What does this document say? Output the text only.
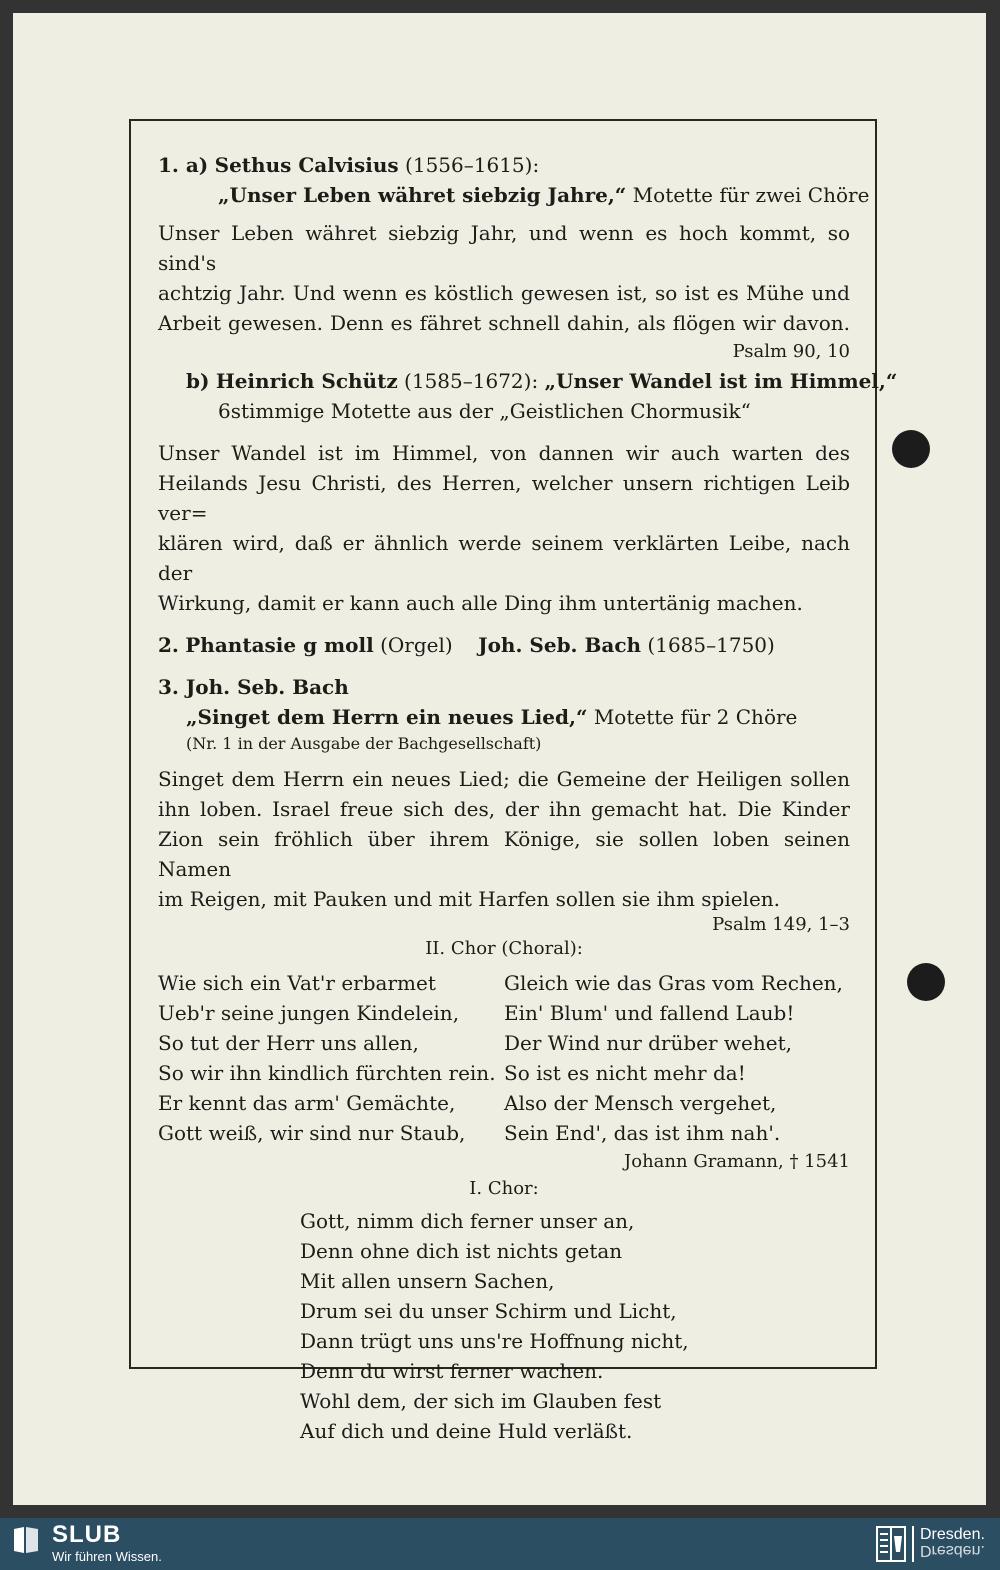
1. a) Sethus Calvisius (1556–1615):
„Unser Leben währet siebzig Jahre,“ Motette für zwei Chöre
Unser Leben währet siebzig Jahr, und wenn es hoch kommt, so sind's
achtzig Jahr. Und wenn es köstlich gewesen ist, so ist es Mühe und
Arbeit gewesen. Denn es fähret schnell dahin, als flögen wir davon.
Psalm 90, 10
b) Heinrich Schütz (1585–1672): „Unser Wandel ist im Himmel,“
6stimmige Motette aus der „Geistlichen Chormusik“
Unser Wandel ist im Himmel, von dannen wir auch warten des
Heilands Jesu Christi, des Herren, welcher unsern richtigen Leib ver=
klären wird, daß er ähnlich werde seinem verklärten Leibe, nach der
Wirkung, damit er kann auch alle Ding ihm untertänig machen.
2. Phantasie g moll (Orgel) Joh. Seb. Bach (1685–1750)
3. Joh. Seb. Bach
„Singet dem Herrn ein neues Lied,“ Motette für 2 Chöre
(Nr. 1 in der Ausgabe der Bachgesellschaft)
Singet dem Herrn ein neues Lied; die Gemeine der Heiligen sollen
ihn loben. Israel freue sich des, der ihn gemacht hat. Die Kinder
Zion sein fröhlich über ihrem Könige, sie sollen loben seinen Namen
im Reigen, mit Pauken und mit Harfen sollen sie ihm spielen.
Psalm 149, 1–3
II. Chor (Choral):
Wie sich ein Vat'r erbarmet
Ueb'r seine jungen Kindelein,
So tut der Herr uns allen,
So wir ihn kindlich fürchten rein.
Er kennt das arm' Gemächte,
Gott weiß, wir sind nur Staub,
Gleich wie das Gras vom Rechen,
Ein' Blum' und fallend Laub!
Der Wind nur drüber wehet,
So ist es nicht mehr da!
Also der Mensch vergehet,
Sein End', das ist ihm nah'.
Johann Gramann, † 1541
I. Chor:
Gott, nimm dich ferner unser an,
Denn ohne dich ist nichts getan
Mit allen unsern Sachen,
Drum sei du unser Schirm und Licht,
Dann trügt uns uns're Hoffnung nicht,
Denn du wirst ferner wachen.
Wohl dem, der sich im Glauben fest
Auf dich und deine Huld verläßt.
SLUB
Wir führen Wissen.
Dresden.
Dresden.
